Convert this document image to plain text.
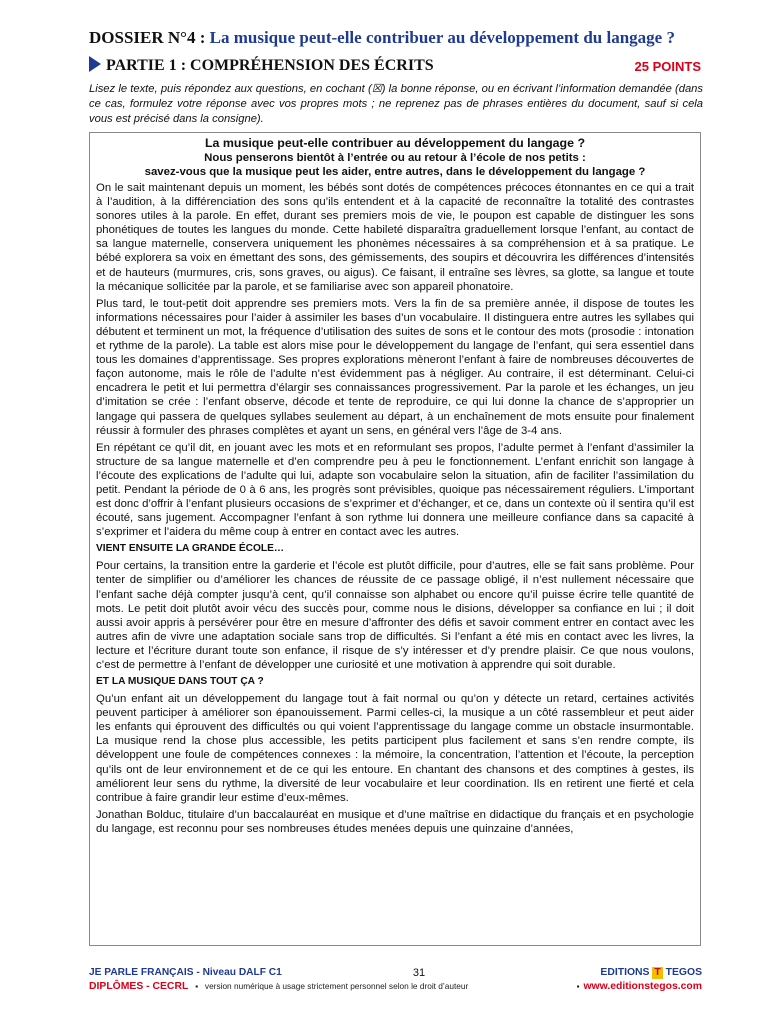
DOSSIER N°4 : La musique peut-elle contribuer au développement du langage ?
PARTIE 1 : COMPRÉHENSION DES ÉCRITS	25 POINTS

Lisez le texte, puis répondez aux questions, en cochant (☒) la bonne réponse, ou en écrivant l’information demandée (dans ce cas, formulez votre réponse avec vos propres mots ; ne reprenez pas de phrases entières du document, sauf si cela vous est précisé dans la consigne).

La musique peut-elle contribuer au développement du langage ?

Nous penserons bientôt à l’entrée ou au retour à l’école de nos petits :

savez-vous que la musique peut les aider, entre autres, dans le développement du langage ?

On le sait maintenant depuis un moment, les bébés sont dotés de compétences précoces étonnantes en ce qui a trait à l’audition, à la différenciation des sons qu’ils entendent et à la capacité de reconnaître la totalité des contrastes sonores utiles à la parole. En effet, durant ses premiers mois de vie, le poupon est capable de distinguer les sons phonétiques de toutes les langues du monde. Cette habileté disparaîtra graduellement lorsque l’enfant, au contact de sa langue maternelle, conservera uniquement les phonèmes nécessaires à sa compréhension et à sa pratique. Le bébé explorera sa voix en émettant des sons, des gémissements, des soupirs et découvrira les différences d’intensités et de hauteurs (murmures, cris, sons graves, ou aigus). Ce faisant, il entraîne ses lèvres, sa glotte, sa langue et toute la mécanique sollicitée par la parole, et se familiarise avec son appareil phonatoire.

Plus tard, le tout-petit doit apprendre ses premiers mots. Vers la fin de sa première année, il dispose de toutes les informations nécessaires pour l’aider à assimiler les bases d’un vocabulaire. Il distinguera entre autres les syllabes qui débutent et terminent un mot, la fréquence d’utilisation des suites de sons et le contour des mots (prosodie : intonation et rythme de la parole). La table est alors mise pour le développement du langage de l’enfant, qui sera essentiel dans tous les domaines d’apprentissage. Ses propres explorations mèneront l’enfant à faire de nombreuses découvertes de façon autonome, mais le rôle de l’adulte n’est évidemment pas à négliger. Au contraire, il est déterminant. Celui-ci encadrera le petit et lui permettra d’élargir ses connaissances progressivement. Par la parole et les échanges, un jeu d’imitation se crée : l’enfant observe, décode et tente de reproduire, ce qui lui donne la chance de s’approprier un langage qui passera de quelques syllabes seulement au départ, à un enchaînement de mots ensuite pour finalement réussir à formuler des phrases complètes et ayant un sens, en général vers l’âge de 3-4 ans.

En répétant ce qu’il dit, en jouant avec les mots et en reformulant ses propos, l’adulte permet à l’enfant d’assimiler la structure de sa langue maternelle et d’en comprendre peu à peu le fonctionnement. L’enfant enrichit son langage à l’écoute des explications de l’adulte qui lui, adapte son vocabulaire selon la situation, afin de faciliter l’assimilation du petit. Pendant la période de 0 à 6 ans, les progrès sont prévisibles, quoique pas nécessairement réguliers. L’important est donc d’offrir à l’enfant plusieurs occasions de s’exprimer et d’échanger, et ce, dans un contexte où il sentira qu’il est écouté, sans jugement. Accompagner l’enfant à son rythme lui donnera une meilleure confiance dans sa capacité à s’exprimer et l’aidera du même coup à entrer en contact avec les autres.

VIENT ENSUITE LA GRANDE ÉCOLE…

Pour certains, la transition entre la garderie et l’école est plutôt difficile, pour d’autres, elle se fait sans problème. Pour tenter de simplifier ou d’améliorer les chances de réussite de ce passage obligé, il n’est nullement nécessaire que l’enfant sache déjà compter jusqu’à cent, qu’il connaisse son alphabet ou encore qu’il puisse écrire telle quantité de mots. Le petit doit plutôt avoir vécu des succès pour, comme nous le disions, développer sa confiance en lui ; il doit aussi avoir appris à persévérer pour être en mesure d’affronter des défis et savoir comment entrer en contact avec les autres afin de vivre une adaptation sociale sans trop de difficultés. Si l’enfant a été mis en contact avec les livres, la lecture et l’écriture durant toute son enfance, il risque de s’y intéresser et d’y prendre plaisir. Ce que nous voulons, c’est de permettre à l’enfant de développer une curiosité et une motivation à apprendre qui soit durable.

ET LA MUSIQUE DANS TOUT ÇA ?

Qu’un enfant ait un développement du langage tout à fait normal ou qu’on y détecte un retard, certaines activités peuvent participer à améliorer son épanouissement. Parmi celles-ci, la musique a un côté rassembleur et peut aider les enfants qui éprouvent des difficultés ou qui voient l’apprentissage du langage comme un obstacle insurmontable. La musique rend la chose plus accessible, les petits participent plus facilement et sans s’en rendre compte, ils développent une foule de compétences connexes : la mémoire, la concentration, l’attention et l’écoute, la perception qu’ils ont de leur environnement et de ce qui les entoure. En chantant des chansons et des comptines à gestes, ils améliorent leur sens du rythme, la diversité de leur vocabulaire et leur coordination. Ils en retirent une fierté et cela contribue à faire grandir leur estime d’eux-mêmes.

Jonathan Bolduc, titulaire d’un baccalauréat en musique et d’une maîtrise en didactique du français et en psychologie du langage, est reconnu pour ses nombreuses études menées depuis une quinzaine d’années,

JE PARLE FRANÇAIS - Niveau DALF C1
DIPLÔMES - CECRL ▪ version numérique à usage strictement personnel selon le droit d’auteur
31	EDITIONS T TEGOS
▪ www.editionstegos.com
